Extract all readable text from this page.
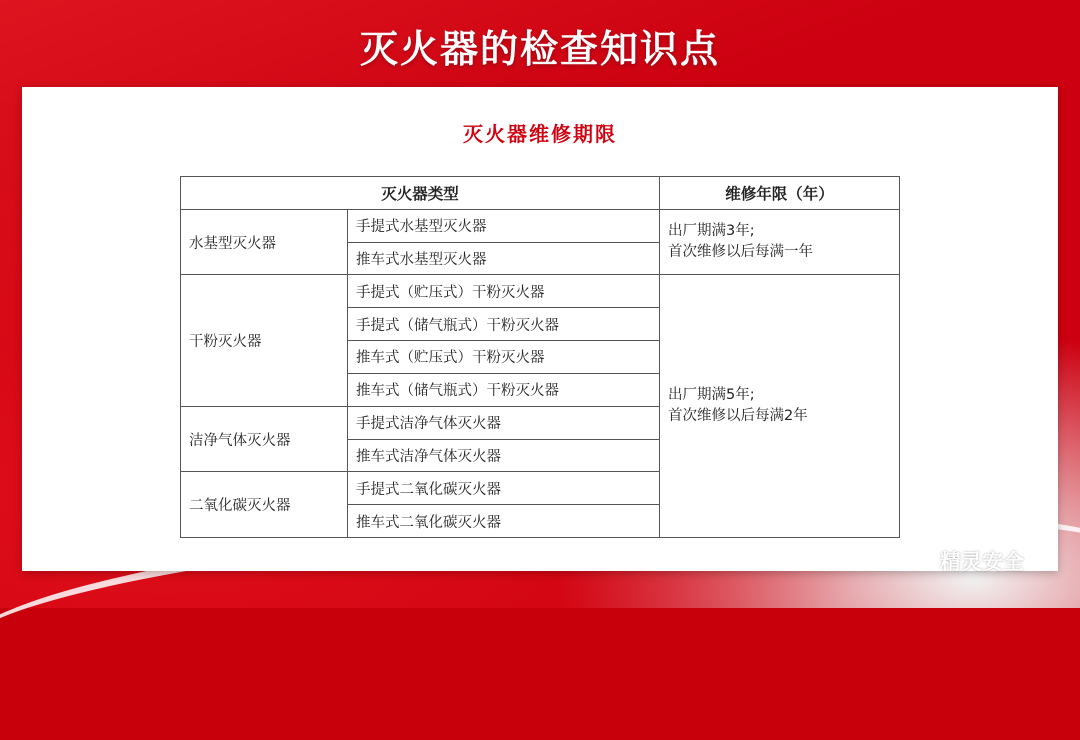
灭火器的检查知识点
灭火器维修期限
灭火器类型		维修年限（年）
水基型灭火器	手提式水基型灭火器	出厂期满3年;
首次维修以后每满一年

	推车式水基型灭火器	
干粉灭火器	手提式（贮压式）干粉灭火器	出厂期满5年;
首次维修以后每满2年

	手提式（储气瓶式）干粉灭火器	
	推车式（贮压式）干粉灭火器	
	推车式（储气瓶式）干粉灭火器	
洁净气体灭火器	手提式洁净气体灭火器	
	推车式洁净气体灭火器	
二氧化碳灭火器	手提式二氧化碳灭火器	
	推车式二氧化碳灭火器	
精灵安全
